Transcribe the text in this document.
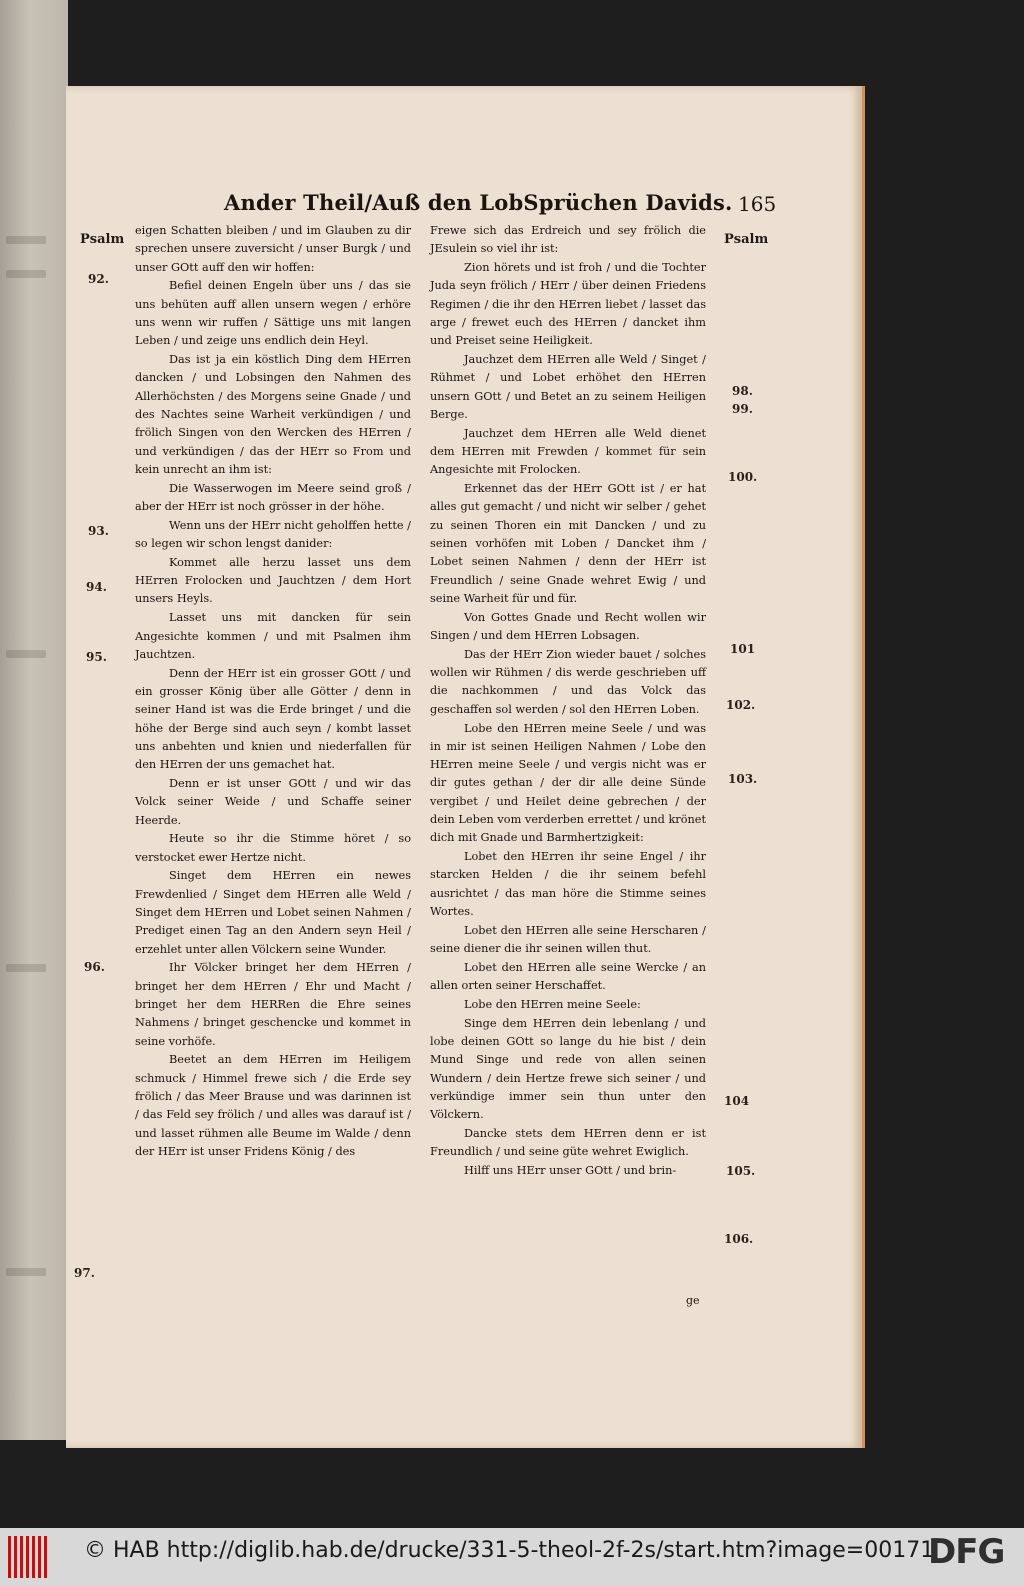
Ander Theil/Auß den LobSprüchen Davids. 165
Psalm	Psalm
92.
93.
94.
95.
96.
97.
98.
99.
100.
101
102.
103.
104
105.
106.

eigen Schatten bleiben / und im Glauben zu dir sprechen unsere zuversicht / unser Burgk / und unser GOtt auff den wir hoffen:

Befiel deinen Engeln über uns / das sie uns behüten auff allen unsern wegen / erhöre uns wenn wir ruffen / Sättige uns mit langen Leben / und zeige uns endlich dein Heyl.

Das ist ja ein köstlich Ding dem HErren dancken / und Lobsingen den Nahmen des Allerhöchsten / des Morgens seine Gnade / und des Nachtes seine Warheit verkündigen / und frölich Singen von den Wercken des HErren / und verkündigen / das der HErr so From und kein unrecht an ihm ist:

Die Wasserwogen im Meere seind groß / aber der HErr ist noch grösser in der höhe.

Wenn uns der HErr nicht geholffen hette / so legen wir schon lengst danider:

Kommet alle herzu lasset uns dem HErren Frolocken und Jauchtzen / dem Hort unsers Heyls.

Lasset uns mit dancken für sein Angesichte kommen / und mit Psalmen ihm Jauchtzen.

Denn der HErr ist ein grosser GOtt / und ein grosser König über alle Götter / denn in seiner Hand ist was die Erde bringet / und die höhe der Berge sind auch seyn / kombt lasset uns anbehten und knien und niederfallen für den HErren der uns gemachet hat.

Denn er ist unser GOtt / und wir das Volck seiner Weide / und Schaffe seiner Heerde.

Heute so ihr die Stimme höret / so verstocket ewer Hertze nicht.

Singet dem HErren ein newes Frewdenlied / Singet dem HErren alle Weld / Singet dem HErren und Lobet seinen Nahmen / Prediget einen Tag an den Andern seyn Heil / erzehlet unter allen Völckern seine Wunder.

Ihr Völcker bringet her dem HErren / bringet her dem HErren / Ehr und Macht / bringet her dem HERRen die Ehre seines Nahmens / bringet geschencke und kommet in seine vorhöfe.

Beetet an dem HErren im Heiligem schmuck / Himmel frewe sich / die Erde sey frölich / das Meer Brause und was darinnen ist / das Feld sey frölich / und alles was darauf ist / und lasset rühmen alle Beume im Walde / denn der HErr ist unser Fridens König / des

Frewe sich das Erdreich und sey frölich die JEsulein so viel ihr ist:

Zion hörets und ist froh / und die Tochter Juda seyn frölich / HErr / über deinen Friedens Regimen / die ihr den HErren liebet / lasset das arge / frewet euch des HErren / dancket ihm und Preiset seine Heiligkeit.

Jauchzet dem HErren alle Weld / Singet / Rühmet / und Lobet erhöhet den HErren unsern GOtt / und Betet an zu seinem Heiligen Berge.

Jauchzet dem HErren alle Weld dienet dem HErren mit Frewden / kommet für sein Angesichte mit Frolocken.

Erkennet das der HErr GOtt ist / er hat alles gut gemacht / und nicht wir selber / gehet zu seinen Thoren ein mit Dancken / und zu seinen vorhöfen mit Loben / Dancket ihm / Lobet seinen Nahmen / denn der HErr ist Freundlich / seine Gnade wehret Ewig / und seine Warheit für und für.

Von Gottes Gnade und Recht wollen wir Singen / und dem HErren Lobsagen.

Das der HErr Zion wieder bauet / solches wollen wir Rühmen / dis werde geschrieben uff die nachkommen / und das Volck das geschaffen sol werden / sol den HErren Loben.

Lobe den HErren meine Seele / und was in mir ist seinen Heiligen Nahmen / Lobe den HErren meine Seele / und vergis nicht was er dir gutes gethan / der dir alle deine Sünde vergibet / und Heilet deine gebrechen / der dein Leben vom verderben errettet / und krönet dich mit Gnade und Barmhertzigkeit:

Lobet den HErren ihr seine Engel / ihr starcken Helden / die ihr seinem befehl ausrichtet / das man höre die Stimme seines Wortes.

Lobet den HErren alle seine Herscharen / seine diener die ihr seinen willen thut.

Lobet den HErren alle seine Wercke / an allen orten seiner Herschaffet.

Lobe den HErren meine Seele:

Singe dem HErren dein lebenlang / und lobe deinen GOtt so lange du hie bist / dein Mund Singe und rede von allen seinen Wundern / dein Hertze frewe sich seiner / und verkündige immer sein thun unter den Völckern.

Dancke stets dem HErren denn er ist Freundlich / und seine güte wehret Ewiglich.

Hilff uns HErr unser GOtt / und brin-

ge
© HAB http://diglib.hab.de/drucke/331-5-theol-2f-2s/start.htm?image=00171
DFG
